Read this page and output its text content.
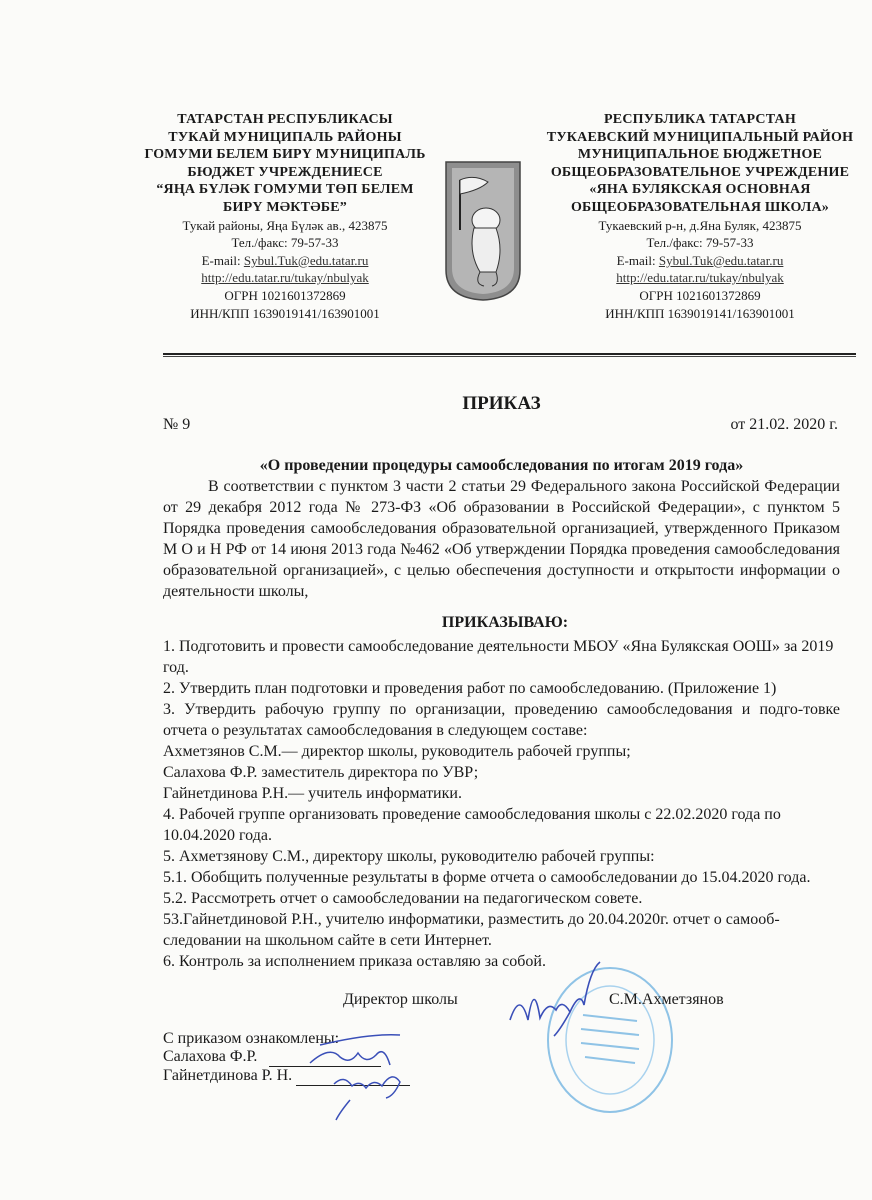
ТАТАРСТАН РЕСПУБЛИКАСЫ
ТУКАЙ МУНИЦИПАЛЬ РАЙОНЫ
ГОМУМИ БЕЛЕМ БИРҮ МУНИЦИПАЛЬ
БЮДЖЕТ УЧРЕЖДЕНИЕСЕ
“ЯҢА БҮЛӘК ГОМУМИ ТӨП БЕЛЕМ
БИРҮ МӘКТӘБЕ”
Тукай районы, Яңа Бүләк ав., 423875
Тел./факс: 79-57-33
E-mail: Sybul.Tuk@edu.tatar.ru
http://edu.tatar.ru/tukay/nbulyak
ОГРН 1021601372869
ИНН/КПП 1639019141/163901001
РЕСПУБЛИКА ТАТАРСТАН
ТУКАЕВСКИЙ МУНИЦИПАЛЬНЫЙ РАЙОН
МУНИЦИПАЛЬНОЕ БЮДЖЕТНОЕ
ОБЩЕОБРАЗОВАТЕЛЬНОЕ УЧРЕЖДЕНИЕ
«ЯНА БУЛЯКСКАЯ ОСНОВНАЯ
ОБЩЕОБРАЗОВАТЕЛЬНАЯ ШКОЛА»
Тукаевский р-н, д.Яна Буляк, 423875
Тел./факс: 79-57-33
E-mail: Sybul.Tuk@edu.tatar.ru
http://edu.tatar.ru/tukay/nbulyak
ОГРН 1021601372869
ИНН/КПП 1639019141/163901001
ПРИКАЗ
№ 9	от 21.02. 2020 г.
«О проведении процедуры самообследования по итогам 2019 года»
В соответствии с пунктом 3 части 2 статьи 29 Федерального закона Российской Федерации от 29 декабря 2012 года № 273-ФЗ «Об образовании в Российской Федерации», с пунктом 5 Порядка проведения самообследования образовательной организацией, утвержденного Приказом М О и Н РФ от 14 июня 2013 года №462 «Об утверждении Порядка проведения самообследования образовательной организацией», с целью обеспечения доступности и открытости информации о деятельности школы,
ПРИКАЗЫВАЮ:
1. Подготовить и провести самообследование деятельности МБОУ «Яна Булякская ООШ» за 2019 год.
2. Утвердить план подготовки и проведения работ по самообследованию. (Приложение 1)
3. Утвердить рабочую группу по организации, проведению самообследования и подго-товке отчета о результатах самообследования в следующем составе:
Ахметзянов С.М.— директор школы, руководитель рабочей группы;
Салахова Ф.Р. заместитель директора по УВР;
Гайнетдинова Р.Н.— учитель информатики.
4. Рабочей группе организовать проведение самообследования школы с 22.02.2020 года по 10.04.2020 года.
5. Ахметзянову С.М., директору школы, руководителю рабочей группы:
5.1. Обобщить полученные результаты в форме отчета о самообследовании до 15.04.2020 года.
5.2. Рассмотреть отчет о самообследовании на педагогическом совете.
53.Гайнетдиновой Р.Н., учителю информатики, разместить до 20.04.2020г. отчет о самооб-следовании на школьном сайте в сети Интернет.
6. Контроль за исполнением приказа оставляю за собой.
Директор школы	С.М.Ахметзянов
С приказом ознакомлены:
Салахова Ф.Р.
Гайнетдинова Р. Н.
